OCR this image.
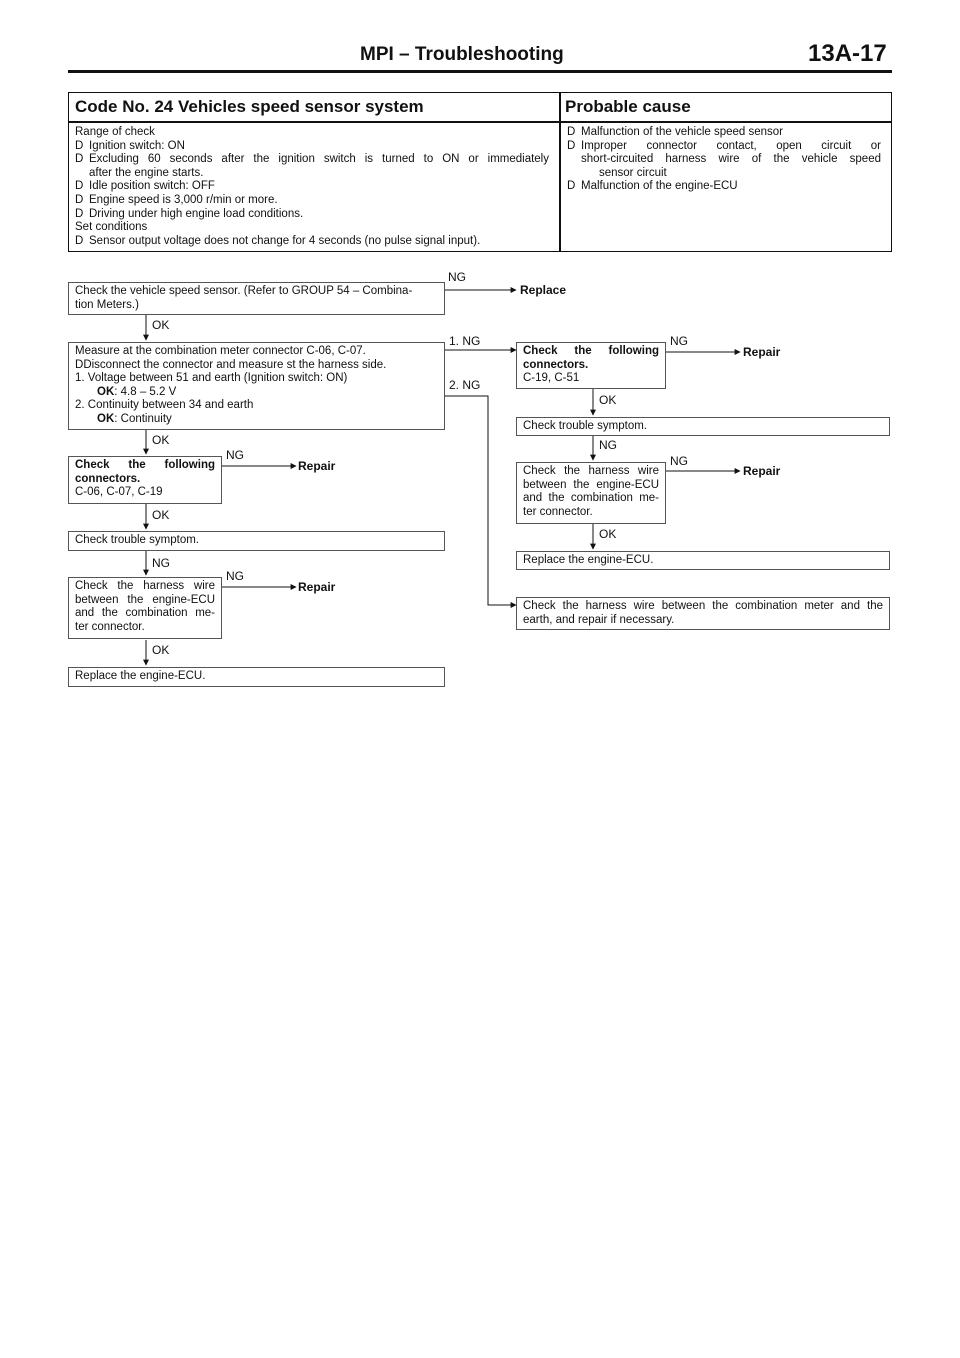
MPI – Troubleshooting	13A-17
Code No. 24 Vehicles speed sensor system	Probable cause
Range of check
D Ignition switch: ON
D Excluding 60 seconds after the ignition switch is turned to ON or immediately
after the engine starts.
D Idle position switch: OFF
D Engine speed is 3,000 r/min or more.
D Driving under high engine load conditions.
Set conditions
D Sensor output voltage does not change for 4 seconds (no pulse signal input).
D Malfunction of the vehicle speed sensor
D Improper connector contact, open circuit or
short-circuited harness wire of the vehicle speed
sensor circuit
D Malfunction of the engine-ECU
Check the vehicle speed sensor. (Refer to GROUP 54 – Combina-
tion Meters.)
Measure at the combination meter connector C-06, C-07.
DDisconnect the connector and measure st the harness side.
1. Voltage between 51 and earth (Ignition switch: ON)
OK: 4.8 – 5.2 V
2. Continuity between 34 and earth
OK: Continuity
Check the following
connectors.
C-06, C-07, C-19
Check trouble symptom.
Check the harness wire
between the engine-ECU
and the combination me-
ter connector.
Replace the engine-ECU.
Check the following
connectors.
C-19, C-51
Check trouble symptom.
Check the harness wire
between the engine-ECU
and the combination me-
ter connector.
Replace the engine-ECU.
Check the harness wire between the combination meter and the
earth, and repair if necessary.
NG
OK
1. NG
2. NG
NG
OK
OK	NG
NG	NG
OK
OK
NG
NG
OK
Replace
Repair
Repair
Repair
Repair
